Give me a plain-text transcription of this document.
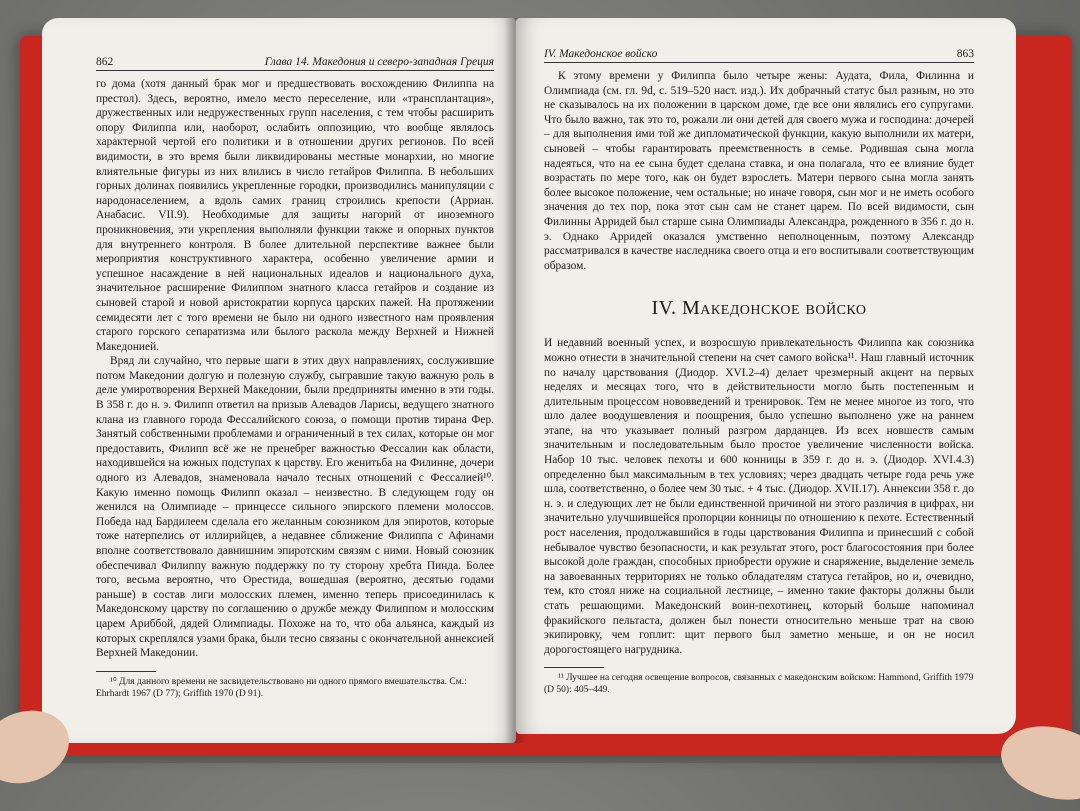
862	Глава 14. Македония и северо-западная Греция

го дома (хотя данный брак мог и предшествовать восхождению Филиппа на престол). Здесь, вероятно, имело место переселение, или «трансплантация», дружественных или недружественных групп населения, с тем чтобы расширить опору Филиппа или, наоборот, ослабить оппозицию, что вообще являлось характерной чертой его политики и в отношении других регионов. По всей видимости, в это время были ликвидированы местные монархии, но многие влиятельные фигуры из них влились в число гетайров Филиппа. В небольших горных долинах появились укрепленные городки, производились манипуляции с народонаселением, а вдоль самих границ строились крепости (Арриан. Анабасис. VII.9). Необходимые для защиты нагорий от иноземного проникновения, эти укрепления выполняли функции также и опорных пунктов для внутреннего контроля. В более длительной перспективе важнее были мероприятия конструктивного характера, особенно увеличение армии и успешное насаждение в ней национальных идеалов и национального духа, значительное расширение Филиппом знатного класса гетайров и создание из сыновей старой и новой аристократии корпуса царских пажей. На протяжении семидесяти лет с того времени не было ни одного известного нам проявления старого горского сепаратизма или былого раскола между Верхней и Нижней Македонией.

Вряд ли случайно, что первые шаги в этих двух направлениях, сослужившие потом Македонии долгую и полезную службу, сыгравшие такую важную роль в деле умиротворения Верхней Македонии, были предприняты именно в эти годы. В 358 г. до н. э. Филипп ответил на призыв Алевадов Ларисы, ведущего знатного клана из главного города Фессалийского союза, о помощи против тирана Фер. Занятый собственными проблемами и ограниченный в тех силах, которые он мог предоставить, Филипп всё же не пренебрег важностью Фессалии как области, находившейся на южных подступах к царству. Его женитьба на Филинне, дочери одного из Алевадов, знаменовала начало тесных отношений с Фессалией¹⁰. Какую именно помощь Филипп оказал – неизвестно. В следующем году он женился на Олимпиаде – принцессе сильного эпирского племени молоссов. Победа над Бардилеем сделала его желанным союзником для эпиротов, которые тоже натерпелись от иллирийцев, а недавнее сближение Филиппа с Афинами вполне соответствовало давнишним эпиротским связям с ними. Новый союзник обеспечивал Филиппу важную поддержку по ту сторону хребта Пинда. Более того, весьма вероятно, что Орестида, вошедшая (вероятно, десятью годами раньше) в состав лиги молосских племен, именно теперь присоединилась к Македонскому царству по соглашению о дружбе между Филиппом и молосским царем Ариббой, дядей Олимпиады. Похоже на то, что оба альянса, каждый из которых скреплялся узами брака, были тесно связаны с окончательной аннексией Верхней Македонии.

¹⁰ Для данного времени не засвидетельствовано ни одного прямого вмешательства. См.: Ehrhardt 1967 (D 77); Griffith 1970 (D 91).

IV. Македонское войско	863

К этому времени у Филиппа было четыре жены: Аудата, Фила, Филинна и Олимпиада (см. гл. 9d, с. 519–520 наст. изд.). Их добрачный статус был разным, но это не сказывалось на их положении в царском доме, где все они являлись его супругами. Что было важно, так это то, рожали ли они детей для своего мужа и господина: дочерей – для выполнения ими той же дипломатической функции, какую выполнили их матери, сыновей – чтобы гарантировать преемственность в семье. Родившая сына могла надеяться, что на ее сына будет сделана ставка, и она полагала, что ее влияние будет возрастать по мере того, как он будет взрослеть. Матери первого сына могла занять более высокое положение, чем остальные; но иначе говоря, сын мог и не иметь особого значения до тех пор, пока этот сын сам не станет царем. По всей видимости, сын Филинны Арридей был старше сына Олимпиады Александра, рожденного в 356 г. до н. э. Однако Арридей оказался умственно неполноценным, поэтому Александр рассматривался в качестве наследника своего отца и его воспитывали соответствующим образом.

IV. Македонское войско

И недавний военный успех, и возросшую привлекательность Филиппа как союзника можно отнести в значительной степени на счет самого войска¹¹. Наш главный источник по началу царствования (Диодор. XVI.2–4) делает чрезмерный акцент на первых неделях и месяцах того, что в действительности могло быть постепенным и длительным процессом нововведений и тренировок. Тем не менее многое из того, что шло далее воодушевления и поощрения, было успешно выполнено уже на раннем этапе, на что указывает полный разгром дарданцев. Из всех новшеств самым значительным и последовательным было простое увеличение численности войска. Набор 10 тыс. человек пехоты и 600 конницы в 359 г. до н. э. (Диодор. XVI.4.3) определенно был максимальным в тех условиях; через двадцать четыре года речь уже шла, соответственно, о более чем 30 тыс. + 4 тыс. (Диодор. XVII.17). Аннексии 358 г. до н. э. и следующих лет не были единственной причиной ни этого различия в цифрах, ни значительно улучшившейся пропорции конницы по отношению к пехоте. Естественный рост населения, продолжавшийся в годы царствования Филиппа и принесший с собой небывалое чувство безопасности, и как результат этого, рост благосостояния при более высокой доле граждан, способных приобрести оружие и снаряжение, выделение земель на завоеванных территориях не только обладателям статуса гетайров, но и, очевидно, тем, кто стоял ниже на социальной лестнице, – именно такие факторы должны были стать решающими. Македонский воин-пехотинец, который больше напоминал фракийского пельтаста, должен был понести относительно меньше трат на свою экипировку, чем гоплит: щит первого был заметно меньше, и он не носил дорогостоящего нагрудника.

¹¹ Лучшее на сегодня освещение вопросов, связанных с македонским войском: Hammond, Griffith 1979 (D 50): 405–449.
